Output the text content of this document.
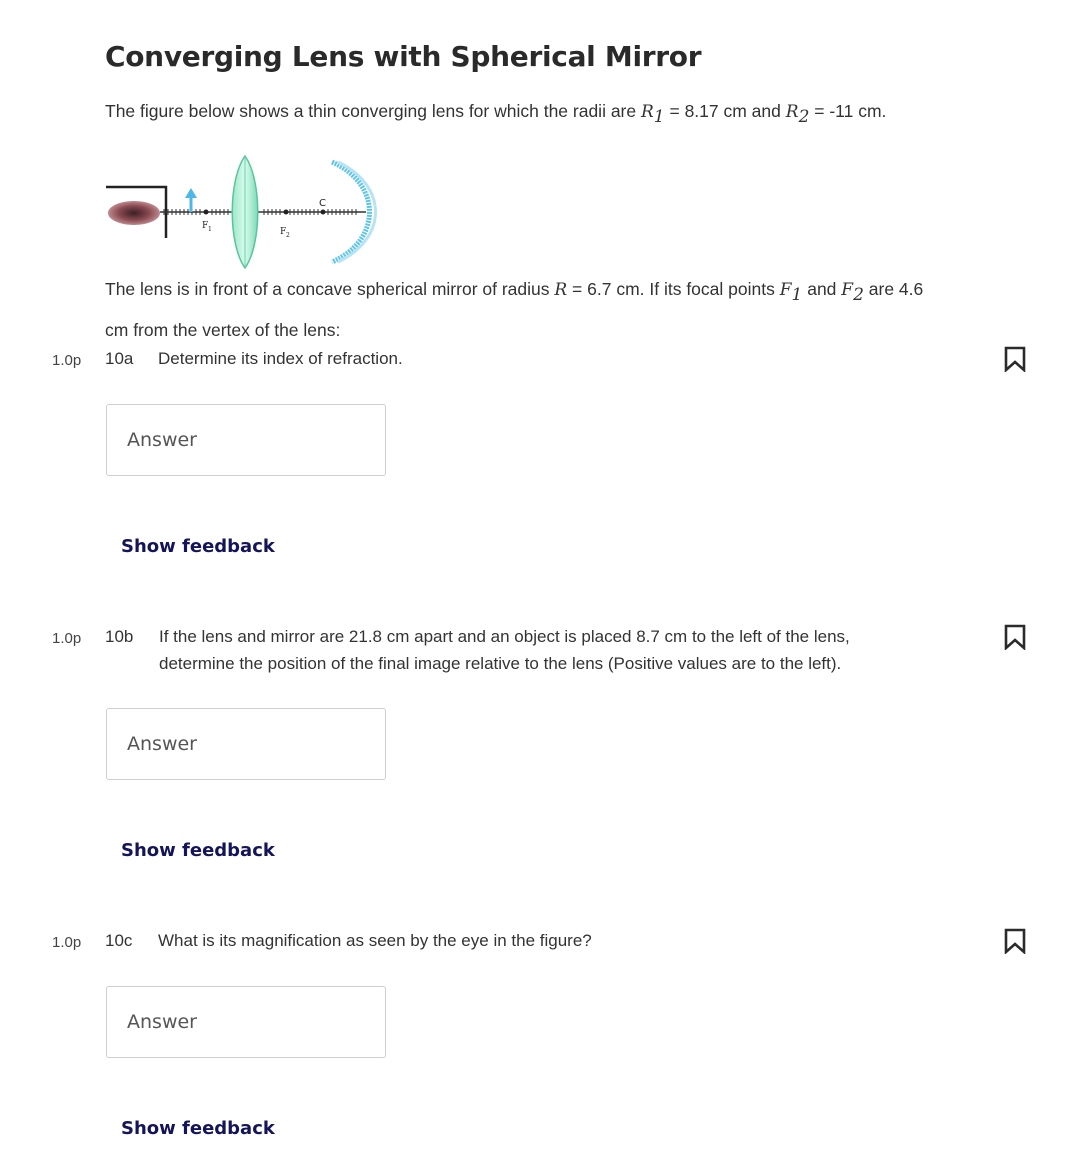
Converging Lens with Spherical Mirror
The figure below shows a thin converging lens for which the radii are $R_1 = 8.17$ cm and $R_2 = -11$ cm.
F 1	F 2
C
The lens is in front of a concave spherical mirror of radius R = 6.7 cm. If its focal points $F_1$ and $F_2$ are 4.6
cm from the vertex of the lens:
1.0p 10a Determine its index of refraction.
Answer
Show feedback
1.0p 10b If the lens and mirror are 21.8 cm apart and an object is placed 8.7 cm to the left of the lens,
determine the position of the final image relative to the lens (Positive values are to the left).
Answer
Show feedback
1.0p 10c What is its magnification as seen by the eye in the figure?
Answer
Show feedback
